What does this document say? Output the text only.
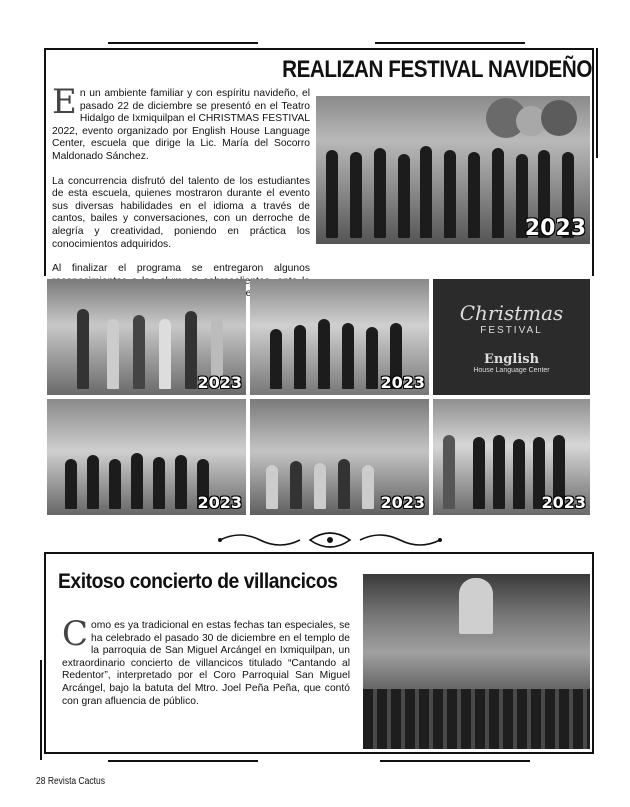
REALIZAN FESTIVAL NAVIDEÑO

En un ambiente familiar y con espíritu navideño, el pasado 22 de diciembre se presentó en el Teatro Hidalgo de Ixmiquilpan el CHRISTMAS FESTIVAL 2022, evento organizado por English House Language Center, escuela que dirige la Lic. María del Socorro Maldonado Sánchez.

La concurrencia disfrutó del talento de los estudiantes de esta escuela, quienes mostraron durante el evento sus diversas habilidades en el idioma a través de cantos, bailes y conversaciones, con un derroche de alegría y creatividad, poniendo en práctica los conocimientos adquiridos.

Al finalizar el programa se entregaron algunos

2023
2023	2023
Christmas
FESTIVAL
English
House Language Center
2023	2023	2023
Exitoso concierto de villancicos

Como es ya tradicional en estas fechas tan especiales, se ha celebrado el pasado 30 de diciembre en el templo de la parroquia de San Miguel Arcángel en Ixmiquilpan, un extraordinario concierto de villancicos titulado “Cantando al Redentor”, interpretado por el Coro Parroquial San Miguel Arcángel, bajo la batuta del Mtro. Joel Peña Peña, que contó con gran afluencia de público.

28 Revista Cactus
